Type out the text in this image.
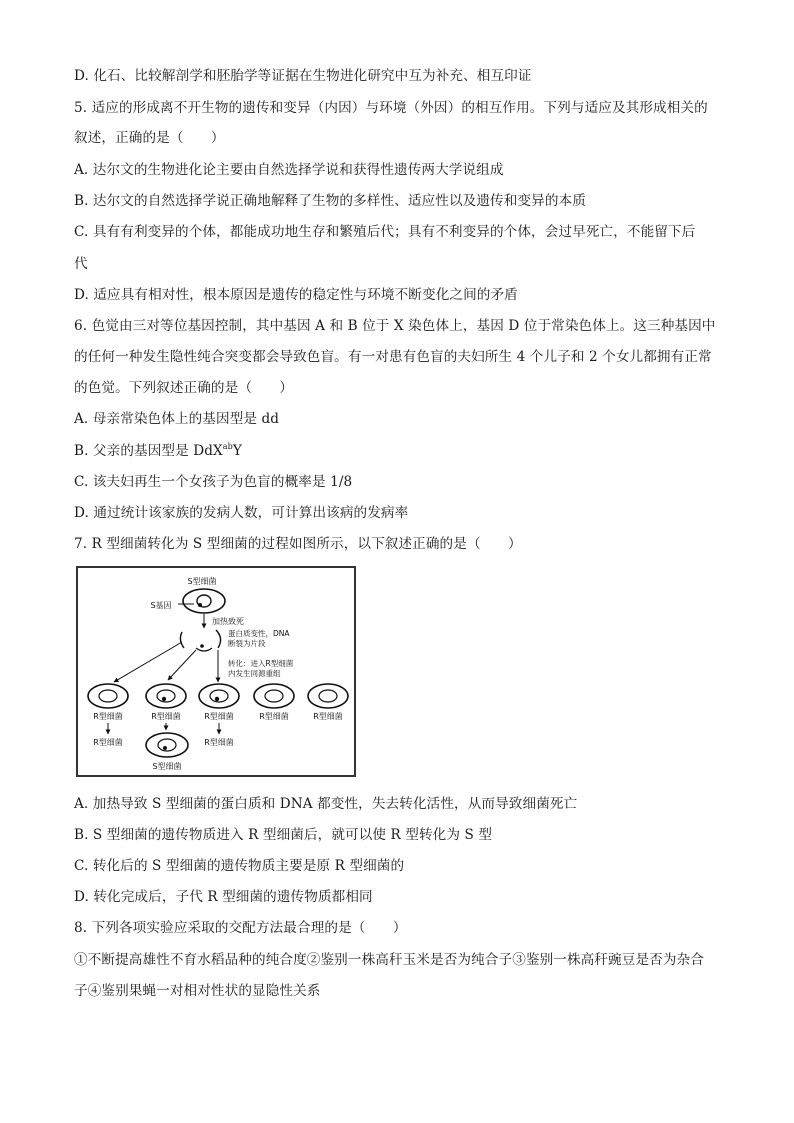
D. 化石、比较解剖学和胚胎学等证据在生物进化研究中互为补充、相互印证
5. 适应的形成离不开生物的遗传和变异（内因）与环境（外因）的相互作用。下列与适应及其形成相关的
叙述，正确的是（　　）
A. 达尔文的生物进化论主要由自然选择学说和获得性遗传两大学说组成
B. 达尔文的自然选择学说正确地解释了生物的多样性、适应性以及遗传和变异的本质
C. 具有有利变异的个体，都能成功地生存和繁殖后代；具有不利变异的个体，会过早死亡，不能留下后
代
D. 适应具有相对性，根本原因是遗传的稳定性与环境不断变化之间的矛盾
6. 色觉由三对等位基因控制，其中基因 A 和 B 位于 X 染色体上，基因 D 位于常染色体上。这三种基因中
的任何一种发生隐性纯合突变都会导致色盲。有一对患有色盲的夫妇所生 4 个儿子和 2 个女儿都拥有正常
的色觉。下列叙述正确的是（　　）
A. 母亲常染色体上的基因型是 dd
B. 父亲的基因型是 DdX$^{ab}$Y
C. 该夫妇再生一个女孩子为色盲的概率是 1/8
D. 通过统计该家族的发病人数，可计算出该病的发病率
7. R 型细菌转化为 S 型细菌的过程如图所示，以下叙述正确的是（　　）
S型细菌
S基因
加热致死
蛋白质变性，DNA
断裂为片段
转化：进入R型细菌
内发生同源重组
R型细菌	R型细菌	R型细菌	R型细菌	R型细菌
R型细菌
S型细菌
R型细菌
A. 加热导致 S 型细菌的蛋白质和 DNA 都变性，失去转化活性，从而导致细菌死亡
B. S 型细菌的遗传物质进入 R 型细菌后，就可以使 R 型转化为 S 型
C. 转化后的 S 型细菌的遗传物质主要是原 R 型细菌的
D. 转化完成后，子代 R 型细菌的遗传物质都相同
8. 下列各项实验应采取的交配方法最合理的是（　　）
①不断提高雄性不育水稻品种的纯合度②鉴别一株高秆玉米是否为纯合子③鉴别一株高秆豌豆是否为杂合
子④鉴别果蝇一对相对性状的显隐性关系
